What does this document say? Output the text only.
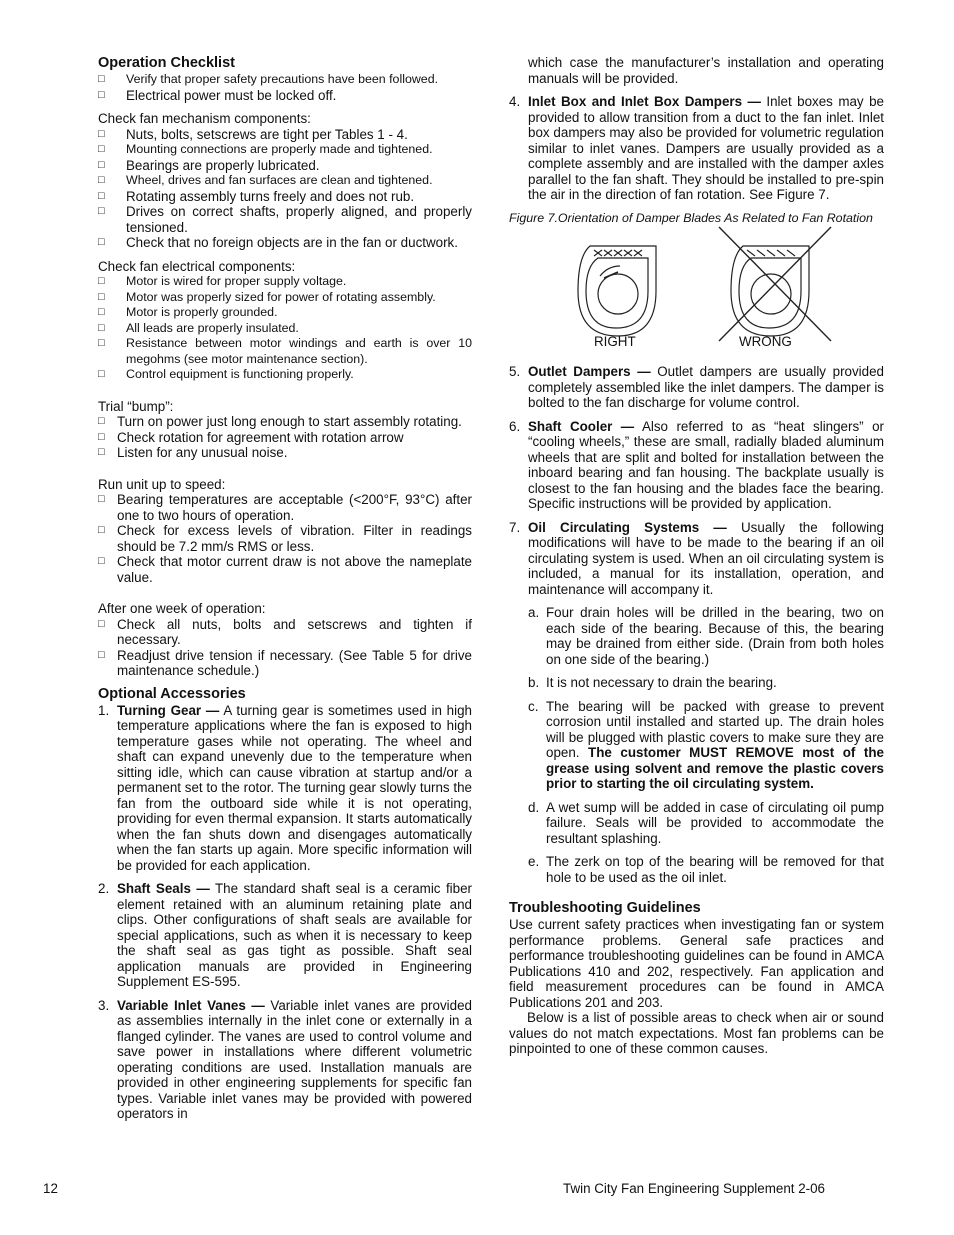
Operation Checklist
□	Verify that proper safety precautions have been followed.
□	Electrical power must be locked off.

Check fan mechanism components:

□	Nuts, bolts, setscrews are tight per Tables 1 - 4.
□	Mounting connections are properly made and tightened.
□	Bearings are properly lubricated.
□	Wheel, drives and fan surfaces are clean and tightened.
□	Rotating assembly turns freely and does not rub.
□	Drives on correct shafts, properly aligned, and properly tensioned.
□	Check that no foreign objects are in the fan or ductwork.

Check fan electrical components:

□	Motor is wired for proper supply voltage.
□	Motor was properly sized for power of rotating assembly.
□	Motor is properly grounded.
□	All leads are properly insulated.
□	Resistance between motor windings and earth is over 10 megohms (see motor maintenance section).
□	Control equipment is functioning properly.

Trial “bump”:

□ Turn on power just long enough to start assembly rotating.
□ Check rotation for agreement with rotation arrow
□ Listen for any unusual noise.

Run unit up to speed:

□ Bearing temperatures are acceptable (<200°F, 93°C) after one to two hours of operation.
□ Check for excess levels of vibration. Filter in readings should be 7.2 mm/s RMS or less.
□ Check that motor current draw is not above the nameplate value.

After one week of operation:

□ Check all nuts, bolts and setscrews and tighten if necessary.
□ Readjust drive tension if necessary. (See Table 5 for drive maintenance schedule.)
Optional Accessories
1. Turning Gear — A turning gear is sometimes used in high temperature applications where the fan is exposed to high temperature gases while not operating. The wheel and shaft can expand unevenly due to the temperature when sitting idle, which can cause vibration at startup and/or a permanent set to the rotor. The turning gear slowly turns the fan from the outboard side while it is not operating, providing for even thermal expansion. It starts automatically when the fan shuts down and disengages automatically when the fan starts up again. More specific information will be provided for each application.
2. Shaft Seals — The standard shaft seal is a ceramic fiber element retained with an aluminum retaining plate and clips. Other configurations of shaft seals are available for special applications, such as when it is necessary to keep the shaft seal as gas tight as possible. Shaft seal application manuals are provided in Engineering Supplement ES-595.
3. Variable Inlet Vanes — Variable inlet vanes are provided as assemblies internally in the inlet cone or externally in a flanged cylinder. The vanes are used to control volume and save power in installations where different volumetric operating conditions are used. Installation manuals are provided in other engineering supplements for specific fan types. Variable inlet vanes may be provided with powered operators in
which case the manufacturer’s installation and operating manuals will be provided.
4. Inlet Box and Inlet Box Dampers — Inlet boxes may be provided to allow transition from a duct to the fan inlet. Inlet box dampers may also be provided for volumetric regulation similar to inlet vanes. Dampers are usually provided as a complete assembly and are installed with the damper axles parallel to the fan shaft. They should be installed to pre-spin the air in the direction of fan rotation. See Figure 7.

Figure 7.Orientation of Damper Blades As Related to Fan Rotation

RIGHT	WRONG
5. Outlet Dampers — Outlet dampers are usually provided completely assembled like the inlet dampers. The damper is bolted to the fan discharge for volume control.
6. Shaft Cooler — Also referred to as “heat slingers” or “cooling wheels,” these are small, radially bladed aluminum wheels that are split and bolted for installation between the inboard bearing and fan housing. The backplate usually is closest to the fan housing and the blades face the bearing. Specific instructions will be provided by application.
7. Oil Circulating Systems — Usually the following modifications will have to be made to the bearing if an oil circulating system is used. When an oil circulating system is included, a manual for its installation, operation, and maintenance will accompany it.
a. Four drain holes will be drilled in the bearing, two on each side of the bearing. Because of this, the bearing may be drained from either side. (Drain from both holes on one side of the bearing.)
b. It is not necessary to drain the bearing.
c. The bearing will be packed with grease to prevent corrosion until installed and started up. The drain holes will be plugged with plastic covers to make sure they are open. The customer MUST REMOVE most of the grease using solvent and remove the plastic covers prior to starting the oil circulating system.
d. A wet sump will be added in case of circulating oil pump failure. Seals will be provided to accommodate the resultant splashing.
e. The zerk on top of the bearing will be removed for that hole to be used as the oil inlet.
Troubleshooting Guidelines

Use current safety practices when investigating fan or system performance problems. General safe practices and performance troubleshooting guidelines can be found in AMCA Publications 410 and 202, respectively. Fan application and field measurement procedures can be found in AMCA Publications 201 and 203.

Below is a list of possible areas to check when air or sound values do not match expectations. Most fan problems can be pinpointed to one of these common causes.

12	Twin City Fan Engineering Supplement 2-06
